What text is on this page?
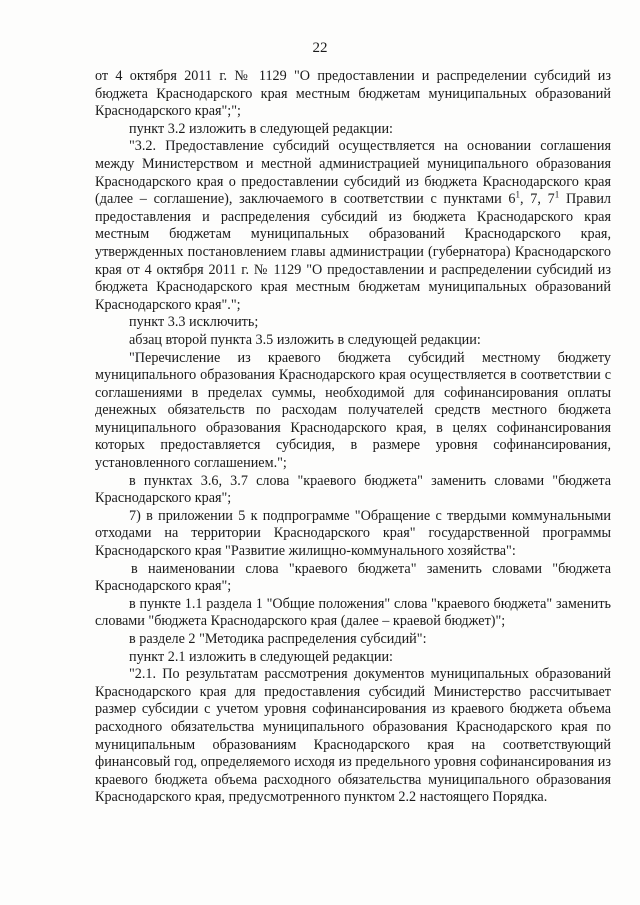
22

от 4 октября 2011 г. № 1129 "О предоставлении и распределении субсидий из бюджета Краснодарского края местным бюджетам муниципальных образований Краснодарского края";";

пункт 3.2 изложить в следующей редакции:

"3.2. Предоставление субсидий осуществляется на основании соглашения между Министерством и местной администрацией муниципального образования Краснодарского края о предоставлении субсидий из бюджета Краснодарского края (далее – соглашение), заключаемого в соответствии с пунктами $6^1$, 7, $7^1$ Правил предоставления и распределения субсидий из бюджета Краснодарского края местным бюджетам муниципальных образований Краснодарского края, утвержденных постановлением главы администрации (губернатора) Краснодарского края от 4 октября 2011 г. № 1129 "О предоставлении и распределении субсидий из бюджета Краснодарского края местным бюджетам муниципальных образований Краснодарского края".";

пункт 3.3 исключить;

абзац второй пункта 3.5 изложить в следующей редакции:

"Перечисление из краевого бюджета субсидий местному бюджету муниципального образования Краснодарского края осуществляется в соответствии с соглашениями в пределах суммы, необходимой для софинансирования оплаты денежных обязательств по расходам получателей средств местного бюджета муниципального образования Краснодарского края, в целях софинансирования которых предоставляется субсидия, в размере уровня софинансирования, установленного соглашением.";

в пунктах 3.6, 3.7 слова "краевого бюджета" заменить словами "бюджета Краснодарского края";

7) в приложении 5 к подпрограмме "Обращение с твердыми коммунальными отходами на территории Краснодарского края" государственной программы Краснодарского края "Развитие жилищно-коммунального хозяйства":

в наименовании слова "краевого бюджета" заменить словами "бюджета Краснодарского края";

в пункте 1.1 раздела 1 "Общие положения" слова "краевого бюджета" заменить словами "бюджета Краснодарского края (далее – краевой бюджет)";

в разделе 2 "Методика распределения субсидий":

пункт 2.1 изложить в следующей редакции:

"2.1. По результатам рассмотрения документов муниципальных образований Краснодарского края для предоставления субсидий Министерство рассчитывает размер субсидии с учетом уровня софинансирования из краевого бюджета объема расходного обязательства муниципального образования Краснодарского края по муниципальным образованиям Краснодарского края на соответствующий финансовый год, определяемого исходя из предельного уровня софинансирования из краевого бюджета объема расходного обязательства муниципального образования Краснодарского края, предусмотренного пунктом 2.2 настоящего Порядка.
